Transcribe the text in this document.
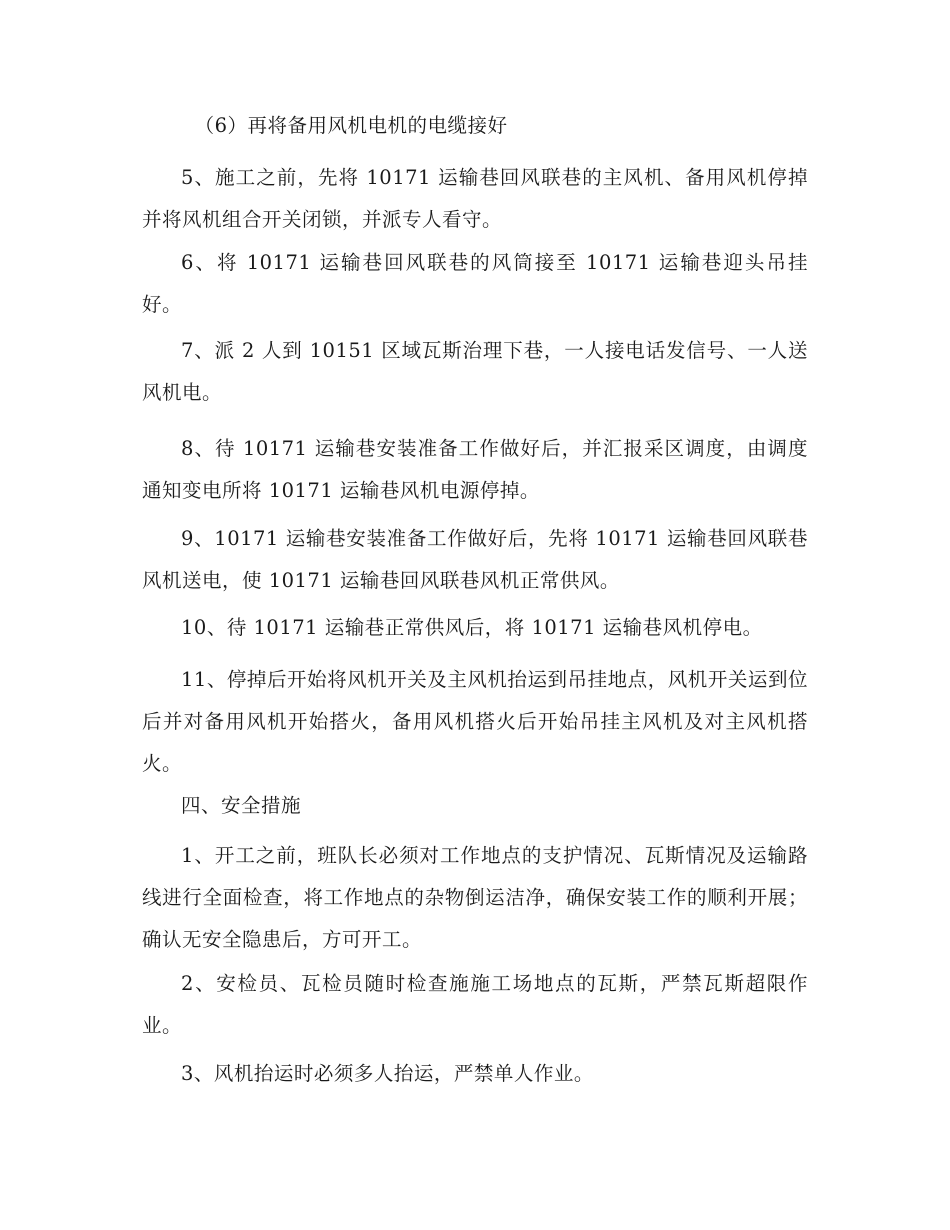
（6）再将备用风机电机的电缆接好

5、施工之前，先将 10171 运输巷回风联巷的主风机、备用风机停掉并将风机组合开关闭锁，并派专人看守。

6、将 10171 运输巷回风联巷的风筒接至 10171 运输巷迎头吊挂好。

7、派 2 人到 10151 区域瓦斯治理下巷，一人接电话发信号、一人送风机电。

8、待 10171 运输巷安装准备工作做好后，并汇报采区调度，由调度通知变电所将 10171 运输巷风机电源停掉。

9、10171 运输巷安装准备工作做好后，先将 10171 运输巷回风联巷风机送电，使 10171 运输巷回风联巷风机正常供风。

10、待 10171 运输巷正常供风后，将 10171 运输巷风机停电。

11、停掉后开始将风机开关及主风机抬运到吊挂地点，风机开关运到位后并对备用风机开始搭火，备用风机搭火后开始吊挂主风机及对主风机搭火。

四、安全措施

1、开工之前，班队长必须对工作地点的支护情况、瓦斯情况及运输路线进行全面检查，将工作地点的杂物倒运洁净，确保安装工作的顺利开展；确认无安全隐患后，方可开工。

2、安检员、瓦检员随时检查施施工场地点的瓦斯，严禁瓦斯超限作业。

3、风机抬运时必须多人抬运，严禁单人作业。
